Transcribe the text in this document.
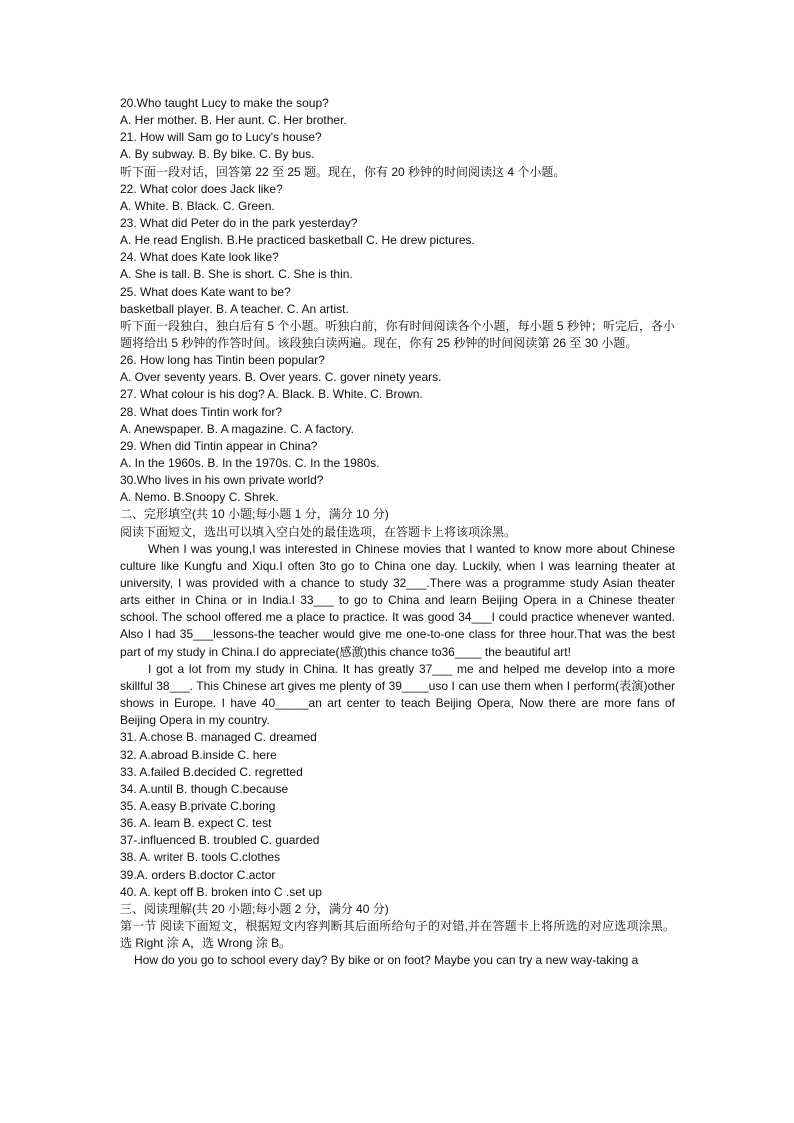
20.Who taught Lucy to make the soup?
A. Her mother. B. Her aunt. C. Her brother.
21. How will Sam go to Lucy's house?
A. By subway. B. By bike. C. By bus.
听下面一段对话，回答第 22 至 25 题。现在，你有 20 秒钟的时间阅读这 4 个小题。
22. What color does Jack like?
A. White. B. Black. C. Green.
23. What did Peter do in the park yesterday?
A. He read English. B.He practiced basketball C. He drew pictures.
24. What does Kate look like?
A. She is tall. B. She is short. C. She is thin.
25. What does Kate want to be?
basketball player. B. A teacher. C. An artist.

听下面一段独白，独白后有 5 个小题。听独白前，你有时间阅读各个小题，每小题 5 秒钟；听完后，各小题将给出 5 秒钟的作答时间。该段独白读两遍。现在，你有 25 秒钟的时间阅读第 26 至 30 小题。

26. How long has Tintin been popular?
A. Over seventy years. B. Over years. C. gover ninety years.
27. What colour is his dog? A. Black. B. White. C. Brown.
28. What does Tintin work for?
A. Anewspaper. B. A magazine. C. A factory.
29. When did Tintin appear in China?
A. In the 1960s. B. In the 1970s. C. In the 1980s.
30.Who lives in his own private world?
A. Nemo. B.Snoopy C. Shrek.
二、完形填空(共 10 小题;每小题 1 分，满分 10 分)
阅读下面短文，选出可以填入空白处的最佳选项，在答题卡上将该项涂黑。

When I was young,I was interested in Chinese movies that I wanted to know more about Chinese culture like Kungfu and Xiqu.I often 3to go to China one day. Luckily, when I was learning theater at university, I was provided with a chance to study 32___.There was a programme study Asian theater arts either in China or in India.I 33___ to go to China and learn Beijing Opera in a Chinese theater school. The school offered me a place to practice. It was good 34___I could practice whenever wanted. Also I had 35___lessons-the teacher would give me one-to-one class for three hour.That was the best part of my study in China.I do appreciate(感激)this chance to36____ the beautiful art!

I got a lot from my study in China. It has greatly 37___ me and helped me develop into a more skillful 38___. This Chinese art gives me plenty of 39____uso I can use them when I perform(表演)other shows in Europe. I have 40_____an art center to teach Beijing Opera, Now there are more fans of Beijing Opera in my country.

31. A.chose B. managed C. dreamed
32. A.abroad B.inside C. here
33. A.failed B.decided C. regretted
34. A.until B. though C.because
35. A.easy B.private C.boring
36. A. leam B. expect C. test
37-.influenced B. troubled C. guarded
38. A. writer B. tools C.clothes
39.A. orders B.doctor C.actor
40. A. kept off B. broken into C .set up
三、阅读理解(共 20 小题;每小题 2 分，满分 40 分)

第一节 阅读下面短文，根据短文内容判断其后面所给句子的对错,并在答题卡上将所选的对应选项涂黑。选 Right 涂 A，选 Wrong 涂 B。

How do you go to school every day? By bike or on foot? Maybe you can try a new way-taking a
